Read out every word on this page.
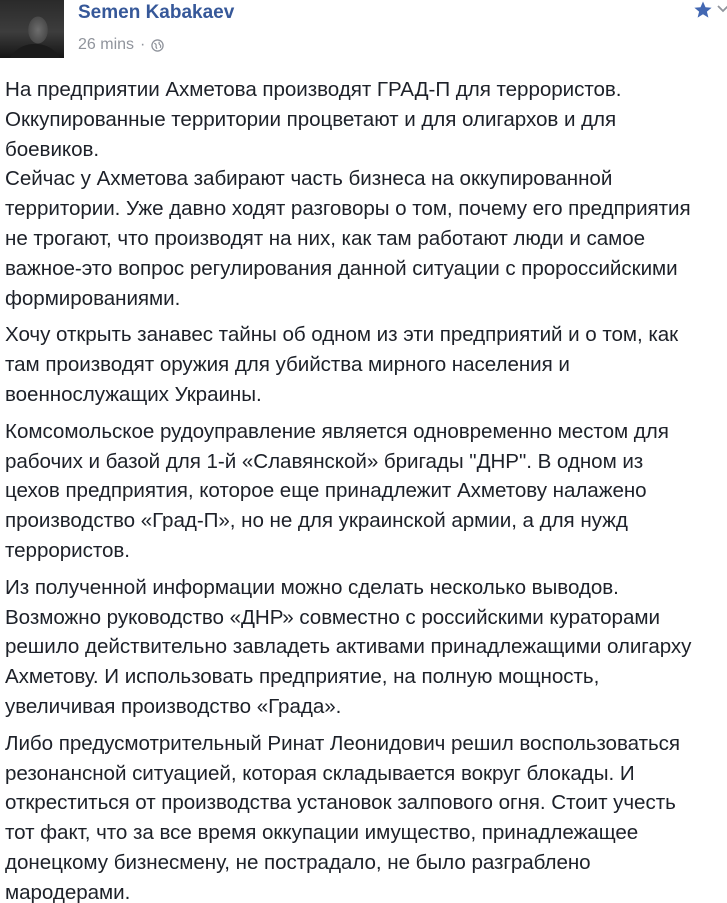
Semen Kabakaev
26 mins ·

На предприятии Ахметова производят ГРАД-П для террористов.
Оккупированные территории процветают и для олигархов и для
боевиков.
Сейчас у Ахметова забирают часть бизнеса на оккупированной
территории. Уже давно ходят разговоры о том, почему его предприятия
не трогают, что производят на них, как там работают люди и самое
важное-это вопрос регулирования данной ситуации с пророссийскими
формированиями.

Хочу открыть занавес тайны об одном из эти предприятий и о том, как
там производят оружия для убийства мирного населения и
военнослужащих Украины.

Комсомольское рудоуправление является одновременно местом для
рабочих и базой для 1-й «Славянской» бригады "ДНР". В одном из
цехов предприятия, которое еще принадлежит Ахметову налажено
производство «Град-П», но не для украинской армии, а для нужд
террористов.

Из полученной информации можно сделать несколько выводов.
Возможно руководство «ДНР» совместно с российскими кураторами
решило действительно завладеть активами принадлежащими олигарху
Ахметову. И использовать предприятие, на полную мощность,
увеличивая производство «Града».

Либо предусмотрительный Ринат Леонидович решил воспользоваться
резонансной ситуацией, которая складывается вокруг блокады. И
откреститься от производства установок залпового огня. Стоит учесть
тот факт, что за все время оккупации имущество, принадлежащее
донецкому бизнесмену, не пострадало, не было разграблено
мародерами.
